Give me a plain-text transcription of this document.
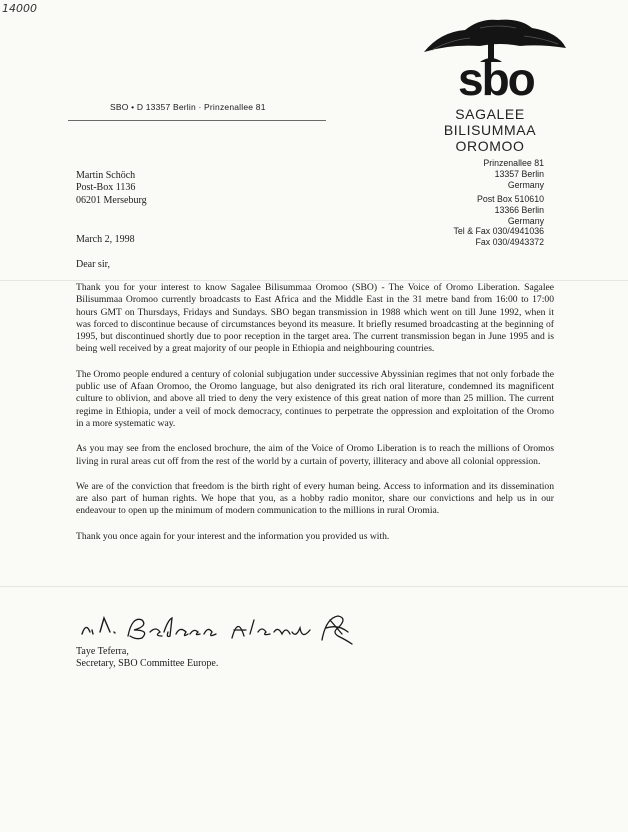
14000
SBO • D 13357 Berlin · Prinzenallee 81
sbo
SAGALEE
BILISUMMAA
OROMOO
Prinzenallee 81
13357 Berlin
Germany
Post Box 510610
13366 Berlin
Germany
Tel & Fax 030/4941036
Fax 030/4943372
Martin Schöch
Post-Box 1136
06201 Merseburg
March 2, 1998
Dear sir,

Thank you for your interest to know Sagalee Bilisummaa Oromoo (SBO) - The Voice of Oromo Liberation. Sagalee Bilisummaa Oromoo currently broadcasts to East Africa and the Middle East in the 31 metre band from 16:00 to 17:00 hours GMT on Thursdays, Fridays and Sundays. SBO began transmission in 1988 which went on till June 1992, when it was forced to discontinue because of circumstances beyond its measure. It briefly resumed broadcasting at the beginning of 1995, but discontinued shortly due to poor reception in the target area. The current transmission began in June 1995 and is being well received by a great majority of our people in Ethiopia and neighbouring countries.

The Oromo people endured a century of colonial subjugation under successive Abyssinian regimes that not only forbade the public use of Afaan Oromoo, the Oromo language, but also denigrated its rich oral literature, condemned its magnificent culture to oblivion, and above all tried to deny the very existence of this great nation of more than 25 million. The current regime in Ethiopia, under a veil of mock democracy, continues to perpetrate the oppression and exploitation of the Oromo in a more systematic way.

As you may see from the enclosed brochure, the aim of the Voice of Oromo Liberation is to reach the millions of Oromos living in rural areas cut off from the rest of the world by a curtain of poverty, illiteracy and above all colonial oppression.

We are of the conviction that freedom is the birth right of every human being. Access to information and its dissemination are also part of human rights. We hope that you, as a hobby radio monitor, share our convictions and help us in our endeavour to open up the minimum of modern communication to the millions in rural Oromia.

Thank you once again for your interest and the information you provided us with.

Taye Teferra,
Secretary, SBO Committee Europe.
